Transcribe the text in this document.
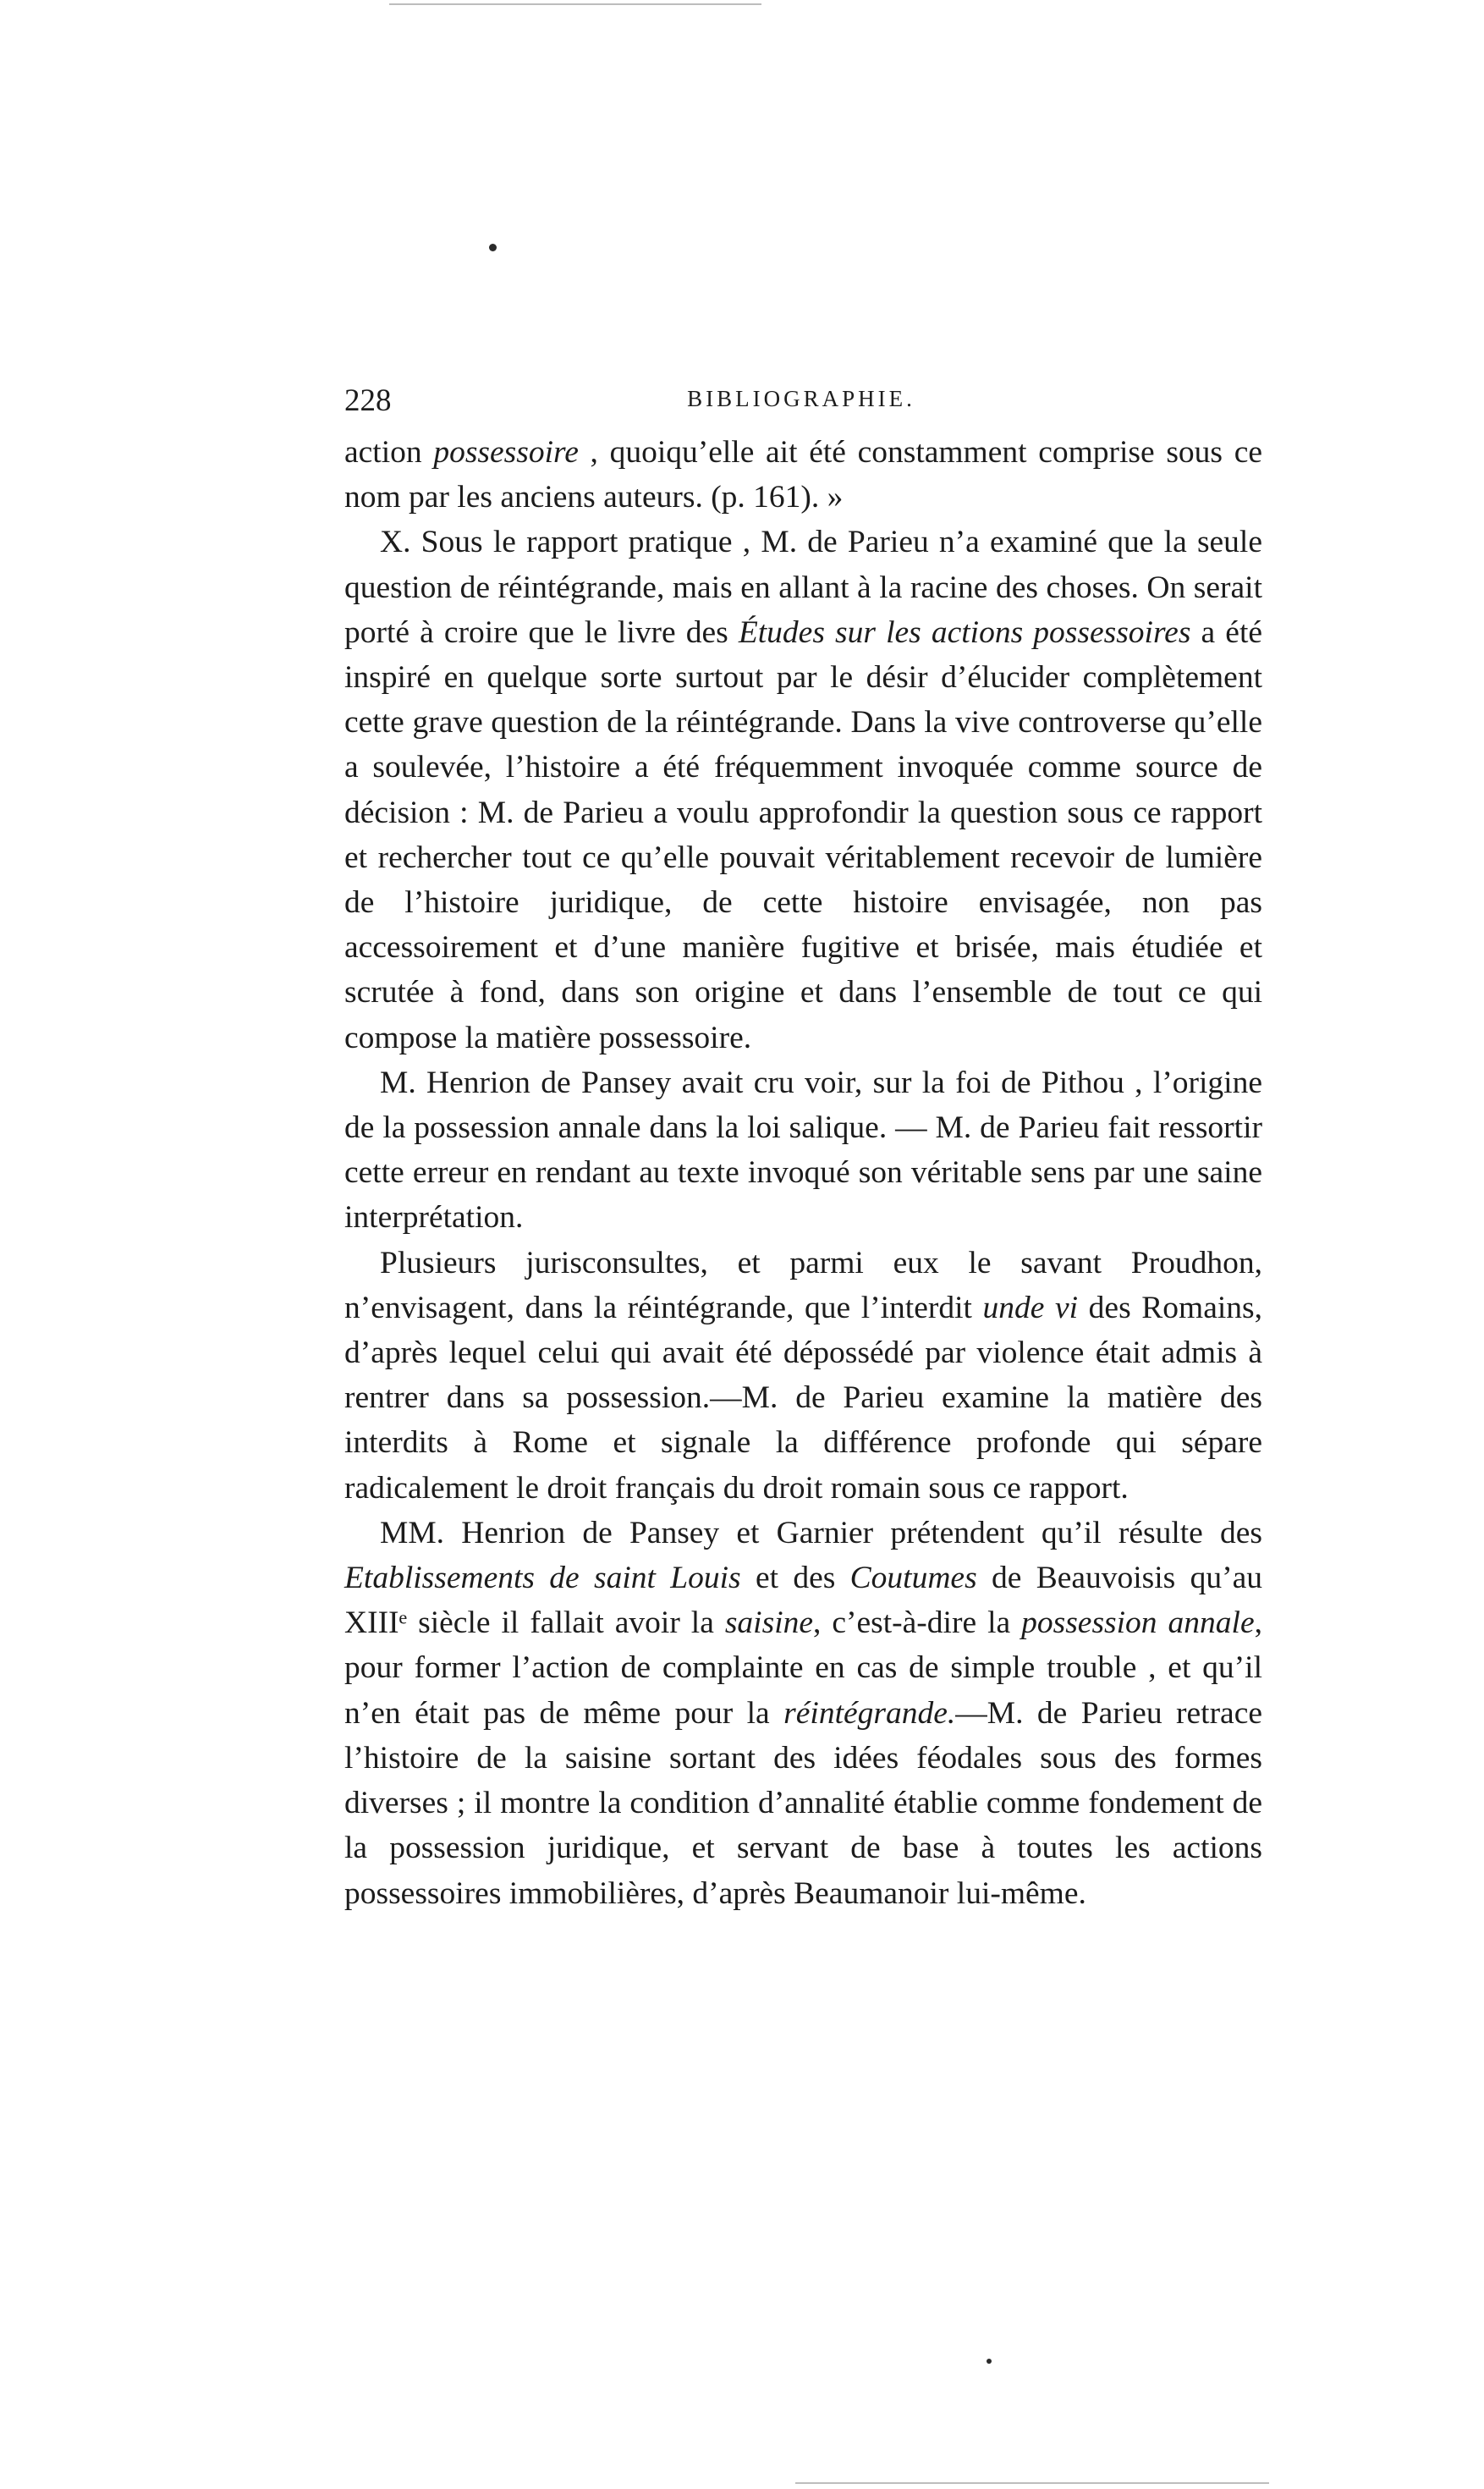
228	BIBLIOGRAPHIE.

action possessoire , quoiqu’elle ait été constamment comprise sous ce nom par les anciens auteurs. (p. 161). »

X. Sous le rapport pratique , M. de Parieu n’a examiné que la seule question de réintégrande, mais en allant à la racine des choses. On serait porté à croire que le livre des Études sur les actions possessoires a été inspiré en quelque sorte surtout par le désir d’élucider complètement cette grave question de la réintégrande. Dans la vive controverse qu’elle a soulevée, l’histoire a été fréquemment invoquée comme source de décision : M. de Parieu a voulu approfondir la question sous ce rapport et rechercher tout ce qu’elle pouvait véritablement recevoir de lumière de l’histoire juridique, de cette histoire envisagée, non pas accessoirement et d’une manière fugitive et brisée, mais étudiée et scrutée à fond, dans son origine et dans l’ensemble de tout ce qui compose la matière possessoire.

M. Henrion de Pansey avait cru voir, sur la foi de Pithou , l’origine de la possession annale dans la loi salique. — M. de Parieu fait ressortir cette erreur en rendant au texte invoqué son véritable sens par une saine interprétation.

Plusieurs jurisconsultes, et parmi eux le savant Proudhon, n’envisagent, dans la réintégrande, que l’interdit unde vi des Romains, d’après lequel celui qui avait été dépossédé par violence était admis à rentrer dans sa possession.—M. de Parieu examine la matière des interdits à Rome et signale la différence profonde qui sépare radicalement le droit français du droit romain sous ce rapport.

MM. Henrion de Pansey et Garnier prétendent qu’il résulte des Etablissements de saint Louis et des Coutumes de Beauvoisis qu’au XIIIᵉ siècle il fallait avoir la saisine, c’est-à-dire la possession annale, pour former l’action de complainte en cas de simple trouble , et qu’il n’en était pas de même pour la réintégrande.—M. de Parieu retrace l’histoire de la saisine sortant des idées féodales sous des formes diverses ; il montre la condition d’annalité établie comme fondement de la possession juridique, et servant de base à toutes les actions possessoires immobilières, d’après Beaumanoir lui-même.
